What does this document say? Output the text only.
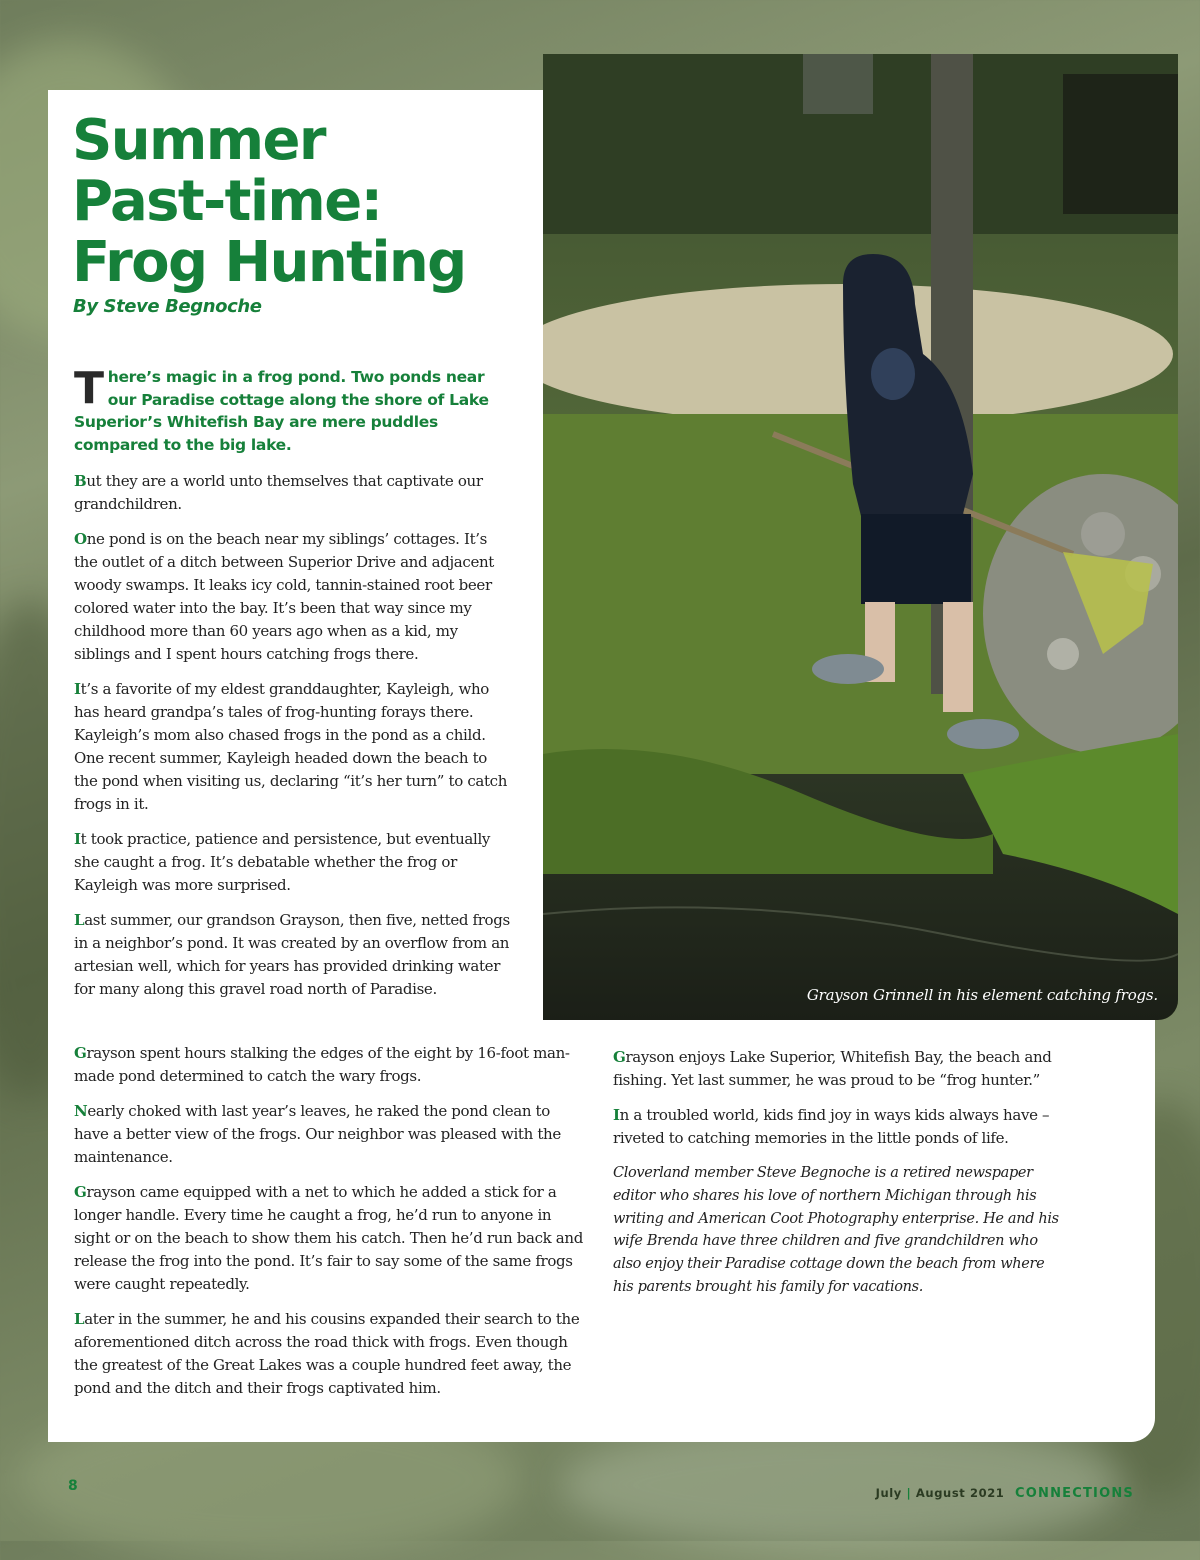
Grayson Grinnell in his element catching frogs.
Summer
Past-time:
Frog Hunting
By Steve Begnoche

There’s magic in a frog pond. Two ponds near our Paradise cottage along the shore of Lake Superior’s Whitefish Bay are mere puddles compared to the big lake.

But they are a world unto themselves that captivate our grandchildren.

One pond is on the beach near my siblings’ cottages. It’s the outlet of a ditch between Superior Drive and adjacent woody swamps. It leaks icy cold, tannin-stained root beer colored water into the bay. It’s been that way since my childhood more than 60 years ago when as a kid, my siblings and I spent hours catching frogs there.

It’s a favorite of my eldest granddaughter, Kayleigh, who has heard grandpa’s tales of frog-hunting forays there. Kayleigh’s mom also chased frogs in the pond as a child. One recent summer, Kayleigh headed down the beach to the pond when visiting us, declaring “it’s her turn” to catch frogs in it.

It took practice, patience and persistence, but eventually she caught a frog. It’s debatable whether the frog or Kayleigh was more surprised.

Last summer, our grandson Grayson, then five, netted frogs in a neighbor’s pond. It was created by an overflow from an artesian well, which for years has provided drinking water for many along this gravel road north of Paradise.

Grayson spent hours stalking the edges of the eight by 16-foot man-made pond determined to catch the wary frogs.

Nearly choked with last year’s leaves, he raked the pond clean to have a better view of the frogs. Our neighbor was pleased with the maintenance.

Grayson came equipped with a net to which he added a stick for a longer handle. Every time he caught a frog, he’d run to anyone in sight or on the beach to show them his catch. Then he’d run back and release the frog into the pond. It’s fair to say some of the same frogs were caught repeatedly.

Later in the summer, he and his cousins expanded their search to the aforementioned ditch across the road thick with frogs. Even though the greatest of the Great Lakes was a couple hundred feet away, the pond and the ditch and their frogs captivated him.

Grayson enjoys Lake Superior, Whitefish Bay, the beach and fishing. Yet last summer, he was proud to be “frog hunter.”

In a troubled world, kids find joy in ways kids always have – riveted to catching memories in the little ponds of life.

Cloverland member Steve Begnoche is a retired newspaper editor who shares his love of northern Michigan through his writing and American Coot Photography enterprise. He and his wife Brenda have three children and five grandchildren who also enjoy their Paradise cottage down the beach from where his parents brought his family for vacations.

8	July | August 2021 CONNECTIONS
